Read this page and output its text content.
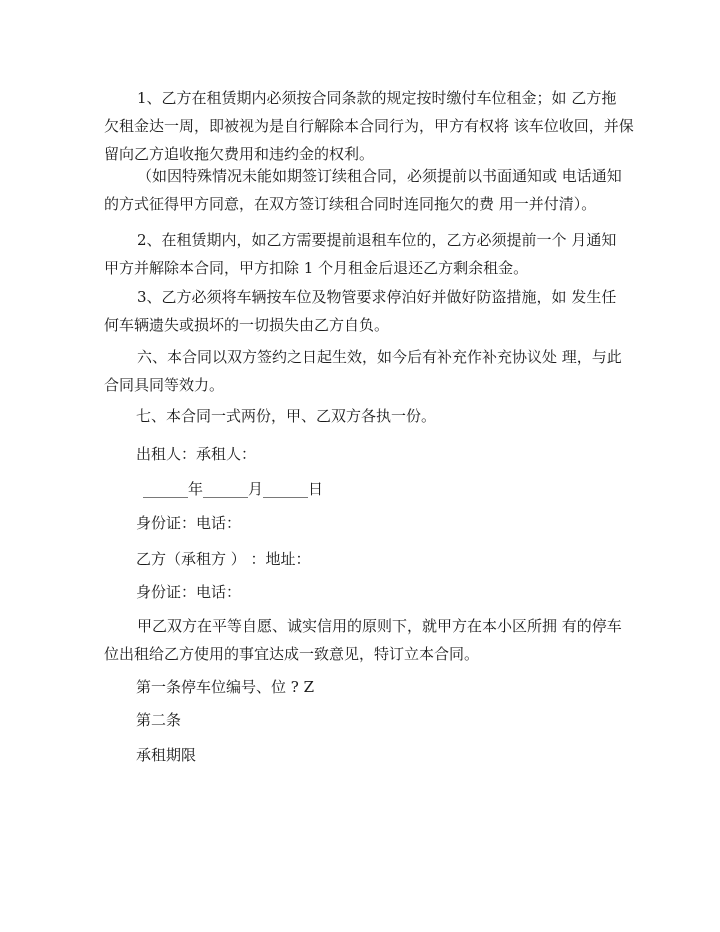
1、乙方在租赁期内必须按合同条款的规定按时缴付车位租金；如 乙方拖
欠租金达一周，即被视为是自行解除本合同行为，甲方有权将 该车位收回，并保
留向乙方追收拖欠费用和违约金的权利。
（如因特殊情况未能如期签订续租合同，必须提前以书面通知或 电话通知
的方式征得甲方同意，在双方签订续租合同时连同拖欠的费 用一并付清）。
2、在租赁期内，如乙方需要提前退租车位的，乙方必须提前一个 月通知
甲方并解除本合同，甲方扣除 1 个月租金后退还乙方剩余租金。
3、乙方必须将车辆按车位及物管要求停泊好并做好防盗措施，如 发生任
何车辆遗失或损坏的一切损失由乙方自负。
六、本合同以双方签约之日起生效，如今后有补充作补充协议处 理，与此
合同具同等效力。
七、本合同一式两份，甲、乙双方各执一份。
出租人：承租人：
______年______月______日
身份证：电话：
乙方（承租方 ） ：地址：
身份证：电话：
甲乙双方在平等自愿、诚实信用的原则下，就甲方在本小区所拥 有的停车
位出租给乙方使用的事宜达成一致意见，特订立本合同。
第一条停车位编号、位 ? Z
第二条
承租期限
